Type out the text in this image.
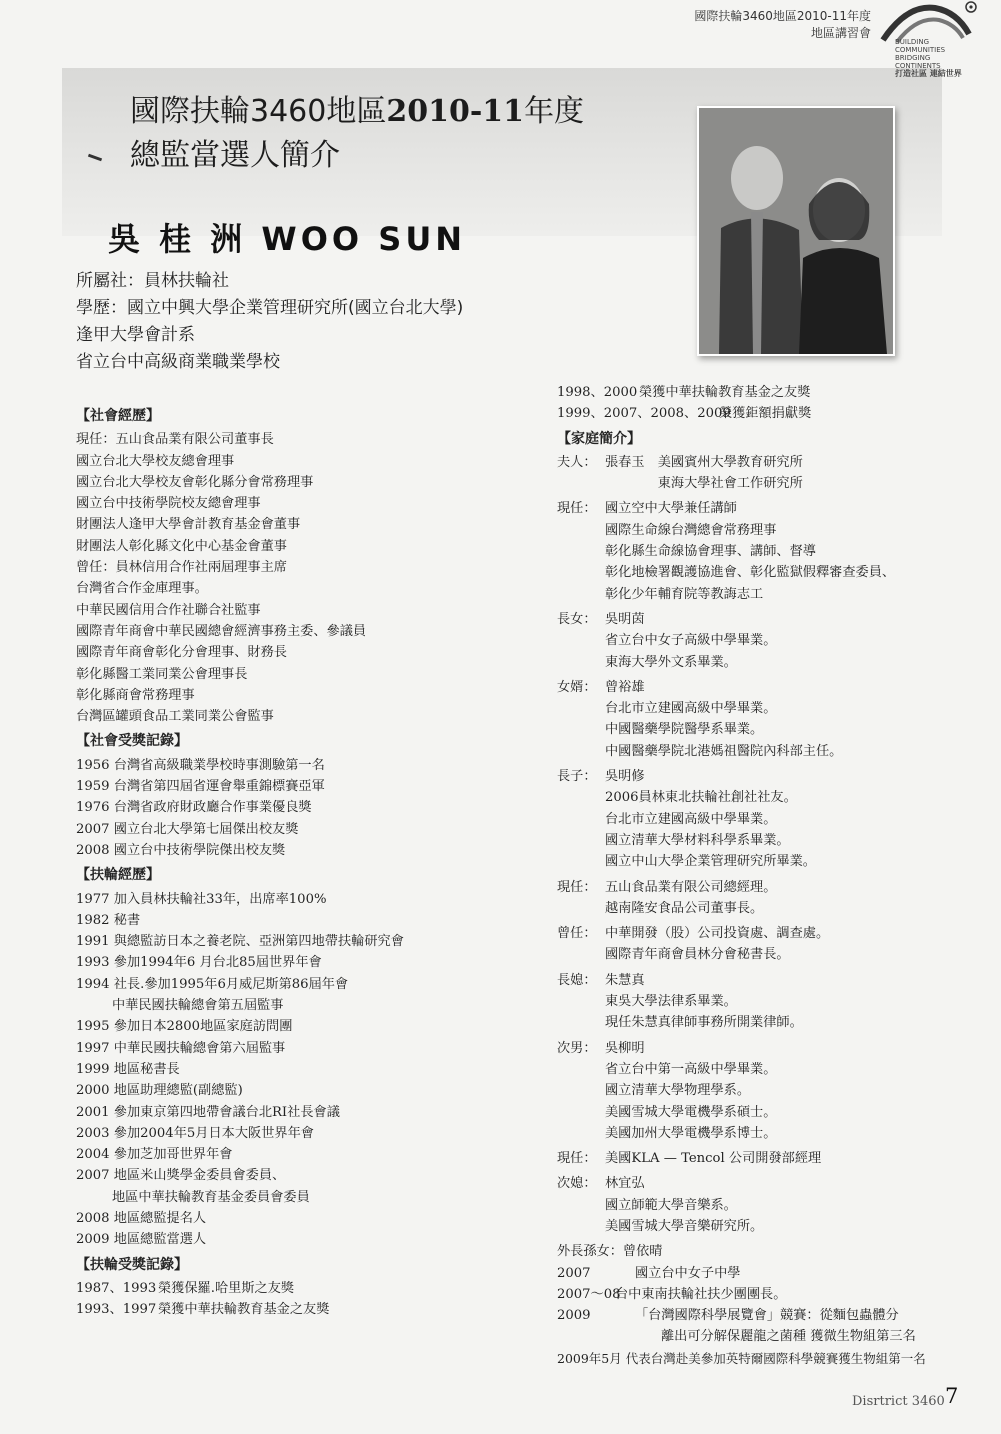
國際扶輪3460地區2010-11年度
地區講習會
BUILDING COMMUNITIES
BRIDGING CONTINENTS
打造社區 連結世界
國際扶輪3460地區2010-11年度
總監當選人簡介
吳 桂 洲 WOO SUN
所屬社：員林扶輪社
學歷：國立中興大學企業管理研究所(國立台北大學)
逢甲大學會計系
省立台中高級商業職業學校
【社會經歷】
現任：五山食品業有限公司董事長
國立台北大學校友總會理事
國立台北大學校友會彰化縣分會常務理事
國立台中技術學院校友總會理事
財團法人逢甲大學會計教育基金會董事
財團法人彰化縣文化中心基金會董事
曾任：員林信用合作社兩屆理事主席
台灣省合作金庫理事。
中華民國信用合作社聯合社監事
國際青年商會中華民國總會經濟事務主委、參議員
國際青年商會彰化分會理事、財務長
彰化縣醫工業同業公會理事長
彰化縣商會常務理事
台灣區罐頭食品工業同業公會監事
【社會受獎記錄】
1956 台灣省高級職業學校時事測驗第一名
1959 台灣省第四屆省運會舉重錦標賽亞軍
1976 台灣省政府財政廳合作事業優良獎
2007 國立台北大學第七屆傑出校友獎
2008 國立台中技術學院傑出校友獎
【扶輪經歷】
1977 加入員林扶輪社33年，出席率100%
1982 秘書
1991 與總監訪日本之養老院、亞洲第四地帶扶輪研究會
1993 參加1994年6 月台北85屆世界年會
1994 社長.參加1995年6月威尼斯第86屆年會
中華民國扶輪總會第五屆監事
1995 參加日本2800地區家庭訪問團
1997 中華民國扶輪總會第六屆監事
1999 地區秘書長
2000 地區助理總監(副總監)
2001 參加東京第四地帶會議台北RI社長會議
2003 參加2004年5月日本大阪世界年會
2004 參加芝加哥世界年會
2007 地區米山獎學金委員會委員、
地區中華扶輪教育基金委員會委員
2008 地區總監提名人
2009 地區總監當選人
【扶輪受獎記錄】
1987、1993 榮獲保羅.哈里斯之友獎
1993、1997 榮獲中華扶輪教育基金之友獎
1998、2000 榮獲中華扶輪教育基金之友獎
1999、2007、2008、2009榮獲鉅額捐獻獎
【家庭簡介】
夫人： 張春玉　美國賓州大學教育研究所
　　　　東海大學社會工作研究所
現任： 國立空中大學兼任講師
國際生命線台灣總會常務理事
彰化縣生命線協會理事、講師、督導
彰化地檢署觀護協進會、彰化監獄假釋審查委員、
彰化少年輔育院等教誨志工
長女： 吳明茵
省立台中女子高級中學畢業。
東海大學外文系畢業。
女婿： 曾裕雄
台北市立建國高級中學畢業。
中國醫藥學院醫學系畢業。
中國醫藥學院北港媽祖醫院內科部主任。
長子： 吳明修
2006員林東北扶輪社創社社友。
台北市立建國高級中學畢業。
國立清華大學材料科學系畢業。
國立中山大學企業管理研究所畢業。
現任： 五山食品業有限公司總經理。
越南隆安食品公司董事長。
曾任： 中華開發（股）公司投資處、調查處。
國際青年商會員林分會秘書長。
長媳： 朱慧真
東吳大學法律系畢業。
現任朱慧真律師事務所開業律師。
次男： 吳柳明
省立台中第一高級中學畢業。
國立清華大學物理學系。
美國雪城大學電機學系碩士。
美國加州大學電機學系博士。
現任： 美國KLA — Tencol 公司開發部經理
次媳： 林宜弘
國立師範大學音樂系。
美國雪城大學音樂研究所。
外長孫女：曾依晴
2007	國立台中女子中學
2007～08台中東南扶輪社扶少團團長。
2009	「台灣國際科學展覽會」競賽：從麵包蟲體分
離出可分解保麗龍之菌種 獲微生物組第三名
2009年5月 代表台灣赴美參加英特爾國際科學競賽獲生物組第一名
Disrtrict 3460 7
